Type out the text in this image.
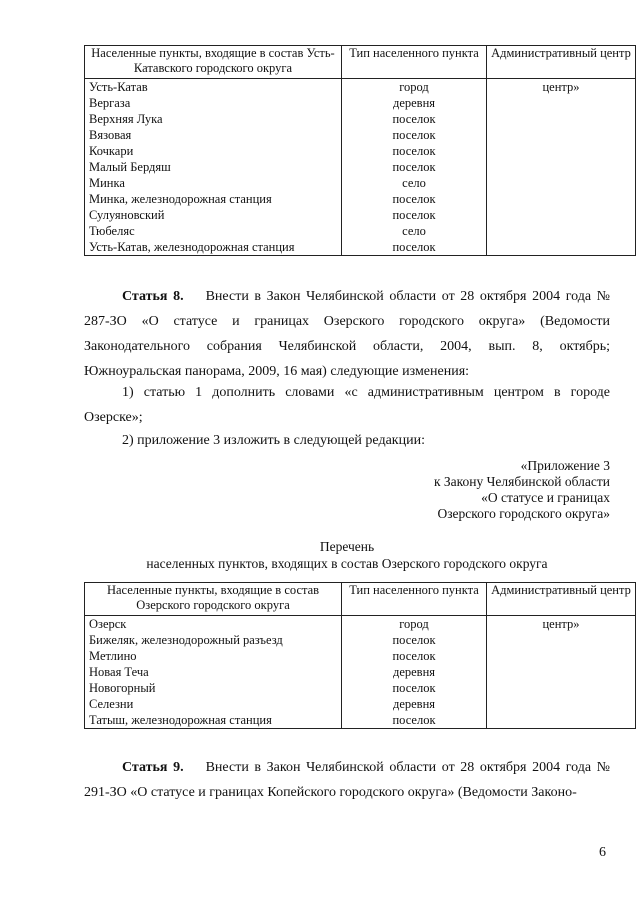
Населенные пункты, входящие в состав Усть-Катавского городского округа	Тип населенного пункта	Административный центр
Усть-Катав	город	центр»
Вергаза	деревня	
Верхняя Лука	поселок	
Вязовая	поселок	
Кочкари	поселок	
Малый Бердяш	поселок	
Минка	село	
Минка, железнодорожная станция	поселок	
Сулуяновский	поселок	
Тюбеляс	село	
Усть-Катав, железнодорожная станция	поселок	

Статья 8. Внести в Закон Челябинской области от 28 октября 2004 года № 287-ЗО «О статусе и границах Озерского городского округа» (Ведомости Законодательного собрания Челябинской области, 2004, вып. 8, октябрь; Южноуральская панорама, 2009, 16 мая) следующие изменения:

1) статью 1 дополнить словами «с административным центром в городе Озерске»;

2) приложение 3 изложить в следующей редакции:

«Приложение 3
к Закону Челябинской области
«О статусе и границах
Озерского городского округа»
Перечень
населенных пунктов, входящих в состав Озерского городского округа
Населенные пункты, входящие в состав Озерского городского округа	Тип населенного пункта	Административный центр
Озерск	город	центр»
Бижеляк, железнодорожный разъезд	поселок	
Метлино	поселок	
Новая Теча	деревня	
Новогорный	поселок	
Селезни	деревня	
Татыш, железнодорожная станция	поселок	

Статья 9. Внести в Закон Челябинской области от 28 октября 2004 года № 291-ЗО «О статусе и границах Копейского городского округа» (Ведомости Законо-

6
